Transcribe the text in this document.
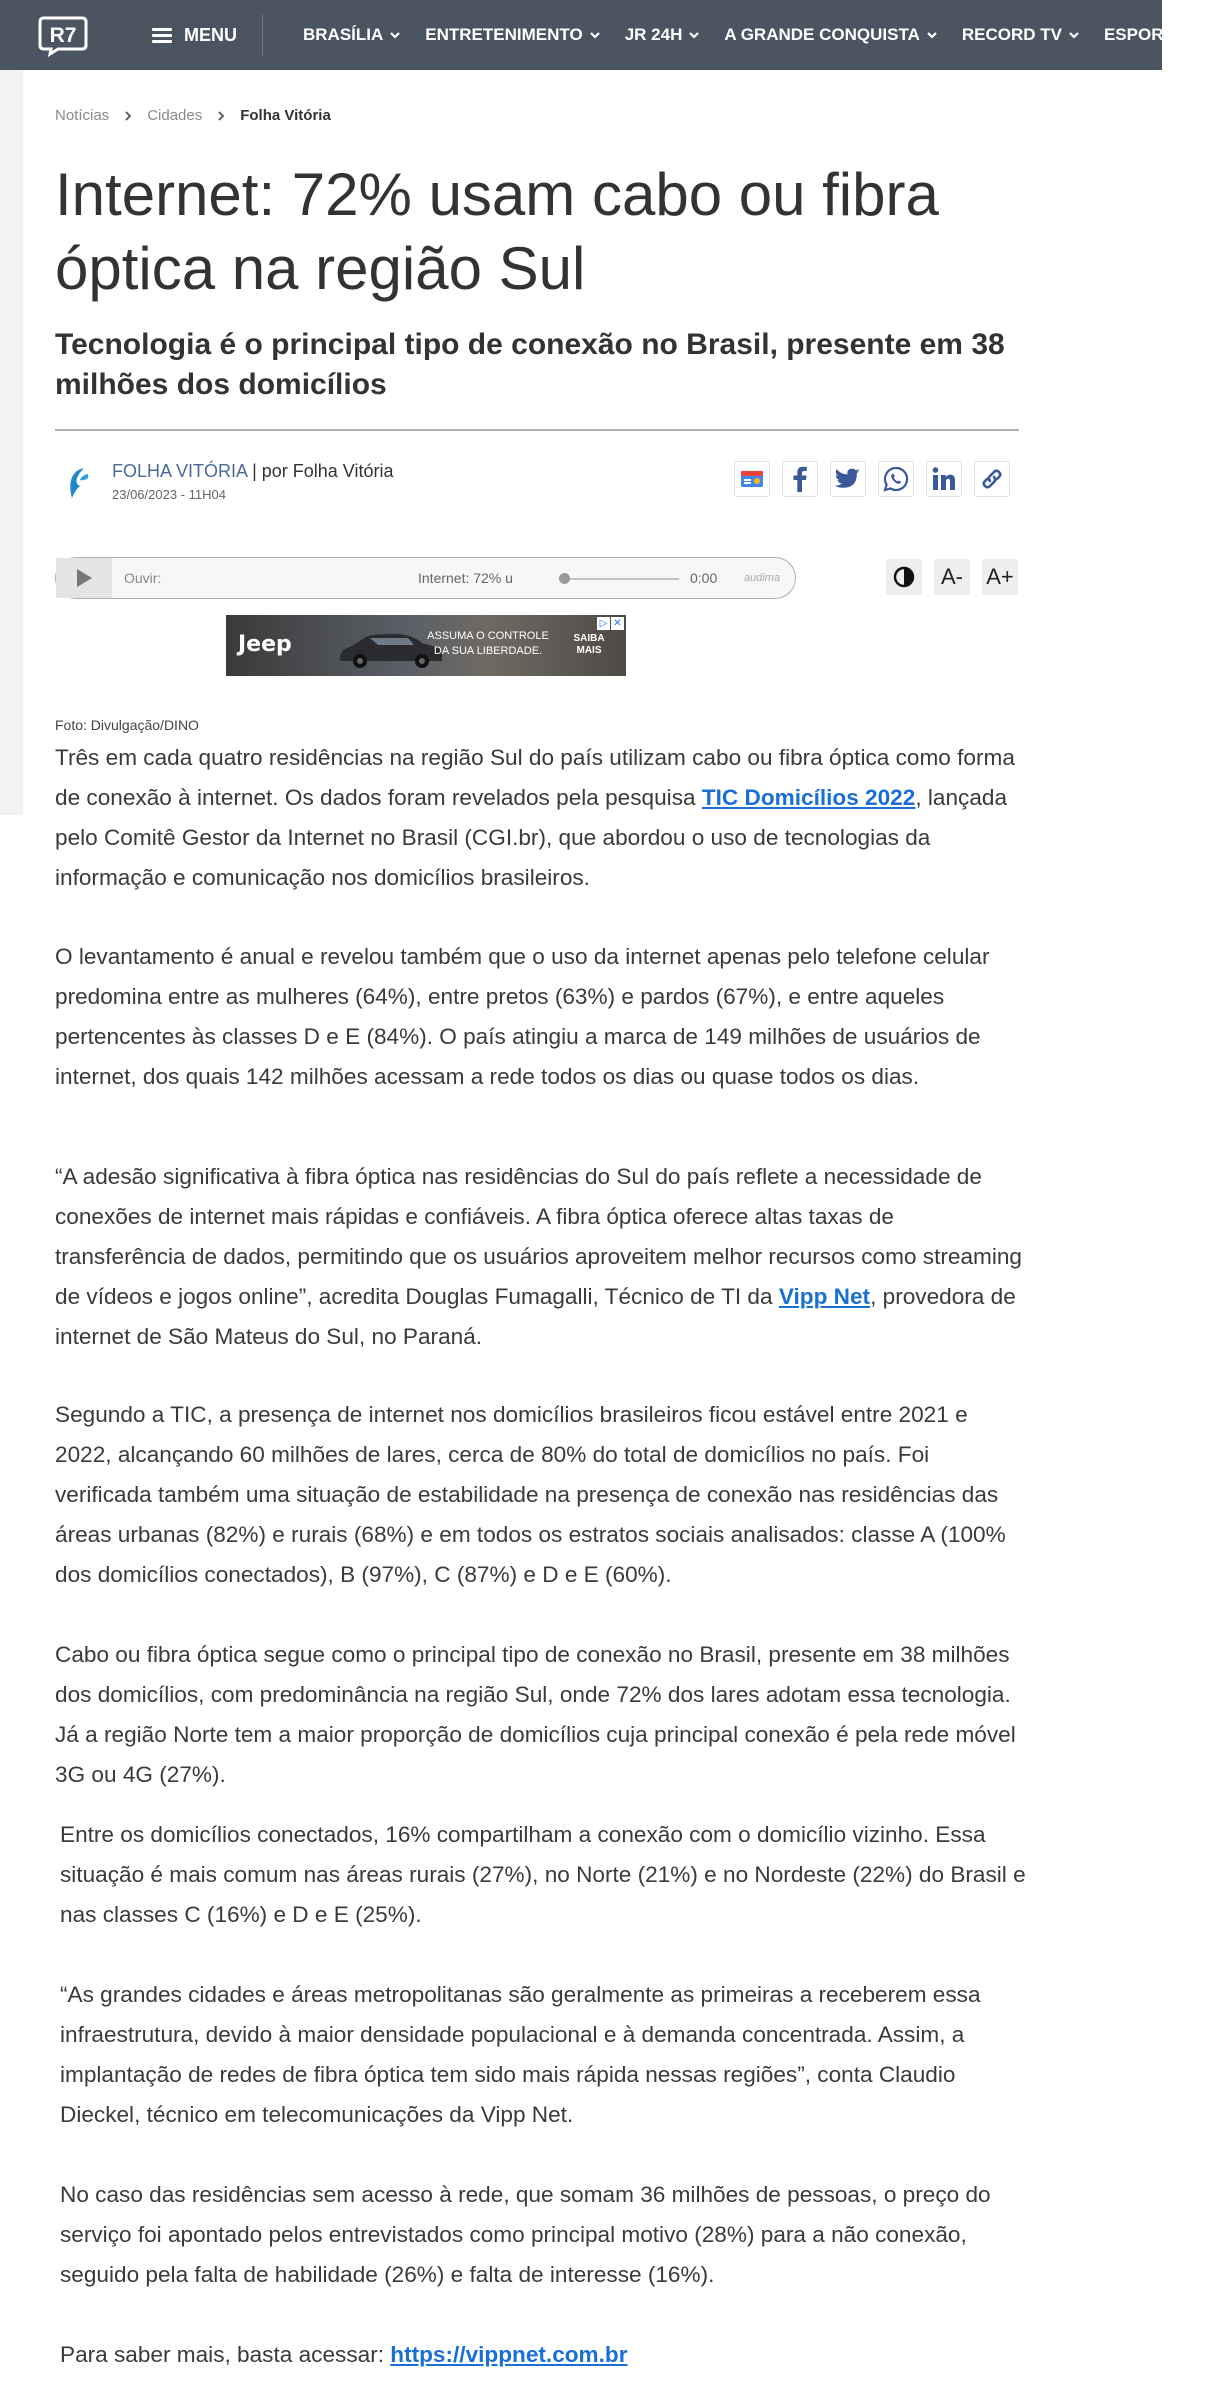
R7	MENU	BRASÍLIA ENTRETENIMENTO JR 24H A GRANDE CONQUISTA RECORD TV ESPORTES
Notícias	Cidades	Folha Vitória
Internet: 72% usam cabo ou fibra óptica na região Sul
Tecnologia é o principal tipo de conexão no Brasil, presente em 38 milhões dos domicílios
FOLHA VITÓRIA | por Folha Vitória
23/06/2023 - 11H04
Ouvir:	Internet: 72% u	0:00 audima	A-	A+
Jeep	ASSUMA O CONTROLE DA SUA LIBERDADE.
SAIBA MAIS
▷ ✕
Foto: Divulgação/DINO

Três em cada quatro residências na região Sul do país utilizam cabo ou fibra óptica como forma de conexão à internet. Os dados foram revelados pela pesquisa TIC Domicílios 2022, lançada pelo Comitê Gestor da Internet no Brasil (CGI.br), que abordou o uso de tecnologias da informação e comunicação nos domicílios brasileiros.

O levantamento é anual e revelou também que o uso da internet apenas pelo telefone celular predomina entre as mulheres (64%), entre pretos (63%) e pardos (67%), e entre aqueles pertencentes às classes D e E (84%). O país atingiu a marca de 149 milhões de usuários de internet, dos quais 142 milhões acessam a rede todos os dias ou quase todos os dias.

“A adesão significativa à fibra óptica nas residências do Sul do país reflete a necessidade de conexões de internet mais rápidas e confiáveis. A fibra óptica oferece altas taxas de transferência de dados, permitindo que os usuários aproveitem melhor recursos como streaming de vídeos e jogos online”, acredita Douglas Fumagalli, Técnico de TI da Vipp Net, provedora de internet de São Mateus do Sul, no Paraná.

Segundo a TIC, a presença de internet nos domicílios brasileiros ficou estável entre 2021 e 2022, alcançando 60 milhões de lares, cerca de 80% do total de domicílios no país. Foi verificada também uma situação de estabilidade na presença de conexão nas residências das áreas urbanas (82%) e rurais (68%) e em todos os estratos sociais analisados: classe A (100% dos domicílios conectados), B (97%), C (87%) e D e E (60%).

Cabo ou fibra óptica segue como o principal tipo de conexão no Brasil, presente em 38 milhões dos domicílios, com predominância na região Sul, onde 72% dos lares adotam essa tecnologia. Já a região Norte tem a maior proporção de domicílios cuja principal conexão é pela rede móvel 3G ou 4G (27%).

Entre os domicílios conectados, 16% compartilham a conexão com o domicílio vizinho. Essa situação é mais comum nas áreas rurais (27%), no Norte (21%) e no Nordeste (22%) do Brasil e nas classes C (16%) e D e E (25%).

“As grandes cidades e áreas metropolitanas são geralmente as primeiras a receberem essa infraestrutura, devido à maior densidade populacional e à demanda concentrada. Assim, a implantação de redes de fibra óptica tem sido mais rápida nessas regiões”, conta Claudio Dieckel, técnico em telecomunicações da Vipp Net.

No caso das residências sem acesso à rede, que somam 36 milhões de pessoas, o preço do serviço foi apontado pelos entrevistados como principal motivo (28%) para a não conexão, seguido pela falta de habilidade (26%) e falta de interesse (16%).

Para saber mais, basta acessar: https://vippnet.com.br
